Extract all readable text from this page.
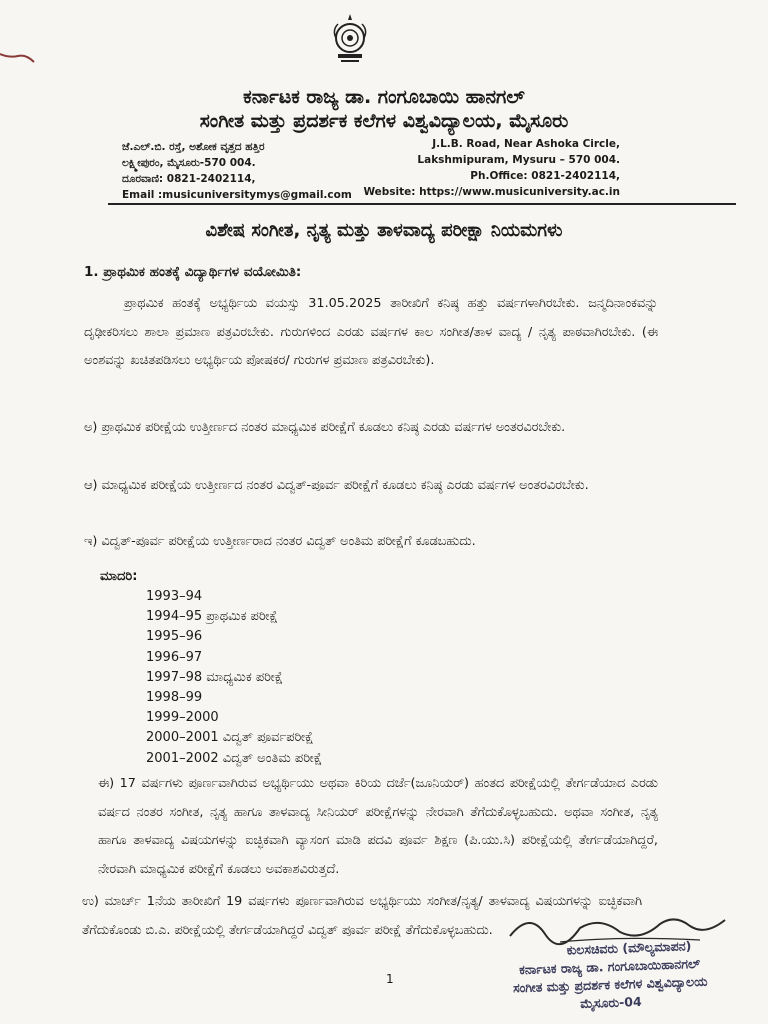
ಕರ್ನಾಟಕ ರಾಜ್ಯ ಡಾ. ಗಂಗೂಬಾಯಿ ಹಾನಗಲ್
ಸಂಗೀತ ಮತ್ತು ಪ್ರದರ್ಶಕ ಕಲೆಗಳ ವಿಶ್ವವಿದ್ಯಾಲಯ, ಮೈಸೂರು
ಜೆ.ಎಲ್.ಬಿ. ರಸ್ತೆ, ಅಶೋಕ ವೃತ್ತದ ಹತ್ತಿರ
ಲಕ್ಷ್ಮೀಪುರಂ, ಮೈಸೂರು-570 004.
ದೂರವಾಣಿ: 0821-2402114,
Email :musicuniversitymys@gmail.com
J.L.B. Road, Near Ashoka Circle,
Lakshmipuram, Mysuru – 570 004.
Ph.Office: 0821-2402114,
Website: https://www.musicuniversity.ac.in
ವಿಶೇಷ ಸಂಗೀತ, ನೃತ್ಯ ಮತ್ತು ತಾಳವಾದ್ಯ ಪರೀಕ್ಷಾ ನಿಯಮಗಳು
1. ಪ್ರಾಥಮಿಕ ಹಂತಕ್ಕೆ ವಿದ್ಯಾರ್ಥಿಗಳ ವಯೋಮಿತಿ:
ಪ್ರಾಥಮಿಕ ಹಂತಕ್ಕೆ ಅಭ್ಯರ್ಥಿಯ ವಯಸ್ಸು 31.05.2025 ತಾರೀಖಿಗೆ ಕನಿಷ್ಠ ಹತ್ತು ವರ್ಷಗಳಾಗಿರಬೇಕು. ಜನ್ಮದಿನಾಂಕವನ್ನು ದೃಢೀಕರಿಸಲು ಶಾಲಾ ಪ್ರಮಾಣ ಪತ್ರವಿರಬೇಕು. ಗುರುಗಳಿಂದ ಎರಡು ವರ್ಷಗಳ ಕಾಲ ಸಂಗೀತ/ತಾಳ ವಾದ್ಯ / ನೃತ್ಯ ಪಾಠವಾಗಿರಬೇಕು. (ಈ ಅಂಶವನ್ನು ಖಚಿತಪಡಿಸಲು ಅಭ್ಯರ್ಥಿಯ ಪೋಷಕರ/ ಗುರುಗಳ ಪ್ರಮಾಣ ಪತ್ರವಿರಬೇಕು).
ಅ) ಪ್ರಾಥಮಿಕ ಪರೀಕ್ಷೆಯ ಉತ್ತೀರ್ಣದ ನಂತರ ಮಾಧ್ಯಮಿಕ ಪರೀಕ್ಷೆಗೆ ಕೂಡಲು ಕನಿಷ್ಠ ಎರಡು ವರ್ಷಗಳ ಅಂತರವಿರಬೇಕು.
ಆ) ಮಾಧ್ಯಮಿಕ ಪರೀಕ್ಷೆಯ ಉತ್ತೀರ್ಣದ ನಂತರ ವಿದ್ವತ್-ಪೂರ್ವ ಪರೀಕ್ಷೆಗೆ ಕೂಡಲು ಕನಿಷ್ಠ ಎರಡು ವರ್ಷಗಳ ಅಂತರವಿರಬೇಕು.
ಇ) ವಿದ್ವತ್-ಪೂರ್ವ ಪರೀಕ್ಷೆಯ ಉತ್ತೀರ್ಣರಾದ ನಂತರ ವಿದ್ವತ್ ಅಂತಿಮ ಪರೀಕ್ಷೆಗೆ ಕೂಡಬಹುದು.
ಮಾದರಿ:
1993–94
1994–95 ಪ್ರಾಥಮಿಕ ಪರೀಕ್ಷೆ
1995–96
1996–97
1997–98 ಮಾಧ್ಯಮಿಕ ಪರೀಕ್ಷೆ
1998–99
1999–2000
2000–2001 ವಿದ್ವತ್ ಪೂರ್ವಪರೀಕ್ಷೆ
2001–2002 ವಿದ್ವತ್ ಅಂತಿಮ ಪರೀಕ್ಷೆ
ಈ) 17 ವರ್ಷಗಳು ಪೂರ್ಣವಾಗಿರುವ ಅಭ್ಯರ್ಥಿಯು ಅಥವಾ ಕಿರಿಯ ದರ್ಜೆ(ಜೂನಿಯರ್) ಹಂತದ ಪರೀಕ್ಷೆಯಲ್ಲಿ ತೇರ್ಗಡೆಯಾದ ಎರಡು ವರ್ಷದ ನಂತರ ಸಂಗೀತ, ನೃತ್ಯ ಹಾಗೂ ತಾಳವಾದ್ಯ ಸೀನಿಯರ್ ಪರೀಕ್ಷೆಗಳನ್ನು ನೇರವಾಗಿ ತೆಗೆದುಕೊಳ್ಳಬಹುದು. ಅಥವಾ ಸಂಗೀತ, ನೃತ್ಯ ಹಾಗೂ ತಾಳವಾದ್ಯ ವಿಷಯಗಳನ್ನು ಐಚ್ಛಿಕವಾಗಿ ವ್ಯಾಸಂಗ ಮಾಡಿ ಪದವಿ ಪೂರ್ವ ಶಿಕ್ಷಣ (ಪಿ.ಯು.ಸಿ) ಪರೀಕ್ಷೆಯಲ್ಲಿ ತೇರ್ಗಡೆಯಾಗಿದ್ದರೆ, ನೇರವಾಗಿ ಮಾಧ್ಯಮಿಕ ಪರೀಕ್ಷೆಗೆ ಕೂಡಲು ಅವಕಾಶವಿರುತ್ತದೆ.
ಉ) ಮಾರ್ಚ್ 1ನೆಯ ತಾರೀಖಿಗೆ 19 ವರ್ಷಗಳು ಪೂರ್ಣವಾಗಿರುವ ಅಭ್ಯರ್ಥಿಯು ಸಂಗೀತ/ನೃತ್ಯ/ ತಾಳವಾದ್ಯ ವಿಷಯಗಳನ್ನು ಐಚ್ಛಿಕವಾಗಿ ತೆಗೆದುಕೊಂಡು ಬಿ.ಎ. ಪರೀಕ್ಷೆಯಲ್ಲಿ ತೇರ್ಗಡೆಯಾಗಿದ್ದರೆ ವಿದ್ವತ್ ಪೂರ್ವ ಪರೀಕ್ಷೆ ತೆಗೆದುಕೊಳ್ಳಬಹುದು.
ಕುಲಸಚಿವರು (ಮೌಲ್ಯಮಾಪನ)
ಕರ್ನಾಟಕ ರಾಜ್ಯ ಡಾ. ಗಂಗೂಬಾಯಿಹಾನಗಲ್
ಸಂಗೀತ ಮತ್ತು ಪ್ರದರ್ಶಕ ಕಲೆಗಳ ವಿಶ್ವವಿದ್ಯಾಲಯ
ಮೈಸೂರು-04
1
